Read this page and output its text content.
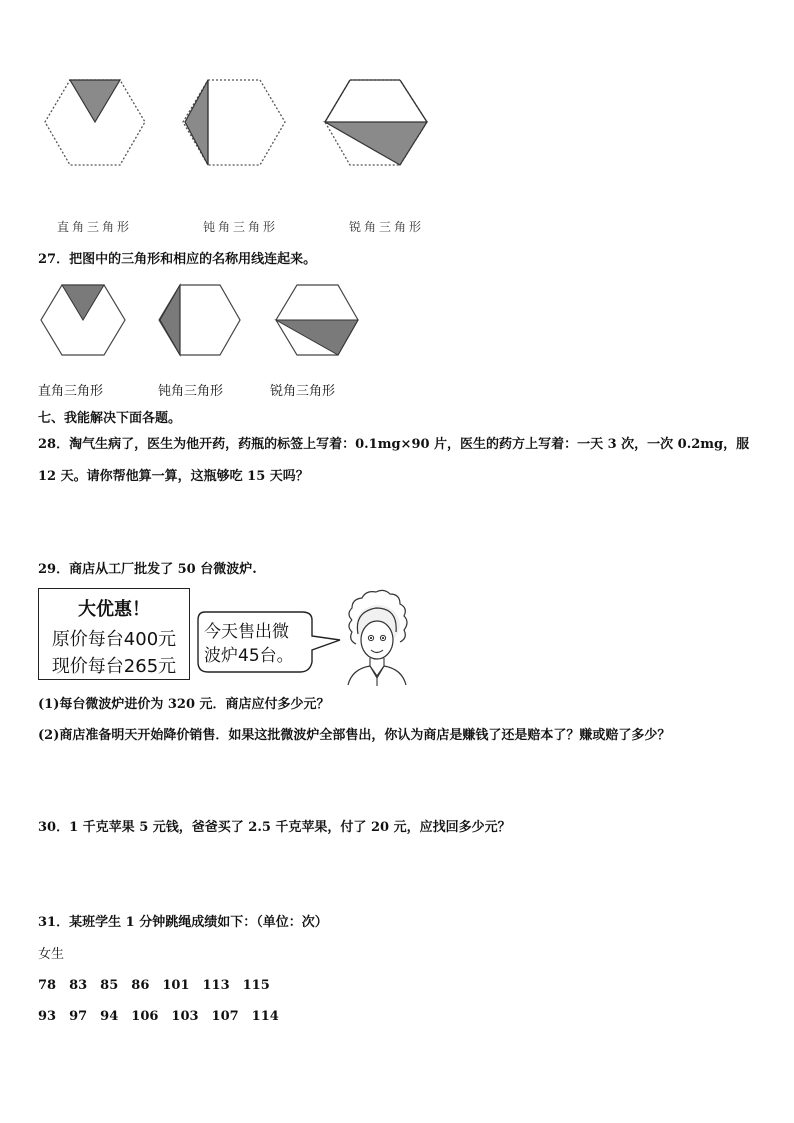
直角三角形	钝角三角形	锐角三角形
27．把图中的三角形和相应的名称用线连起来。
直角三角形	钝角三角形	锐角三角形
七、我能解决下面各题。
28．淘气生病了，医生为他开药，药瓶的标签上写着：0.1mg×90 片，医生的药方上写着：一天 3 次，一次 0.2mg，服
12 天。请你帮他算一算，这瓶够吃 15 天吗？
29．商店从工厂批发了 50 台微波炉.
大优惠！
原价每台400元
现价每台265元
今天售出微
波炉45台。
(1)每台微波炉进价为 320 元．商店应付多少元？
(2)商店准备明天开始降价销售．如果这批微波炉全部售出，你认为商店是赚钱了还是赔本了？赚或赔了多少？
30．1 千克苹果 5 元钱，爸爸买了 2.5 千克苹果，付了 20 元，应找回多少元？
31．某班学生 1 分钟跳绳成绩如下：（单位：次）
女生
78　83　85　86　101　113　115
93　97　94　106　103　107　114
